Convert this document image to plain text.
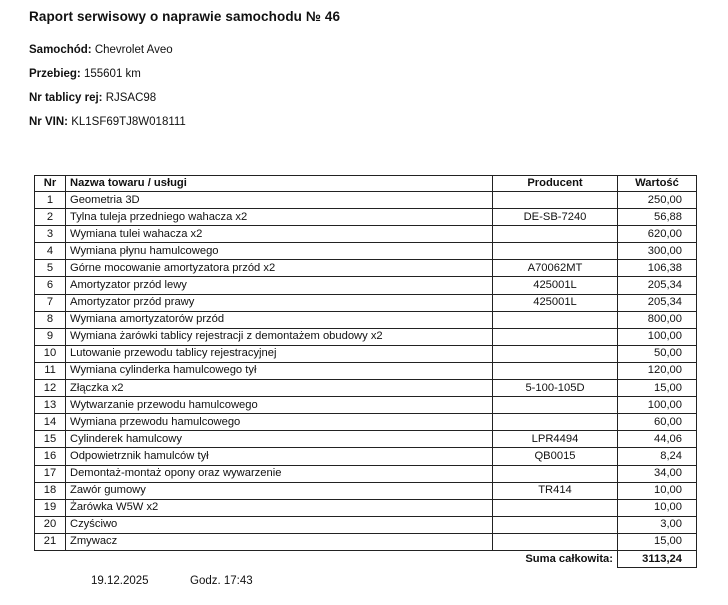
Raport serwisowy o naprawie samochodu № 46
Samochód: Chevrolet Aveo
Przebieg: 155601 km
Nr tablicy rej: RJSAC98
Nr VIN: KL1SF69TJ8W018111
Nr	Nazwa towaru / usługi	Producent	Wartość
1	Geometria 3D		250,00
2	Tylna tuleja przedniego wahacza x2	DE-SB-7240	56,88
3	Wymiana tulei wahacza x2		620,00
4	Wymiana płynu hamulcowego		300,00
5	Górne mocowanie amortyzatora przód x2	A70062MT	106,38
6	Amortyzator przód lewy	425001L	205,34
7	Amortyzator przód prawy	425001L	205,34
8	Wymiana amortyzatorów przód		800,00
9	Wymiana żarówki tablicy rejestracji z demontażem obudowy x2		100,00
10	Lutowanie przewodu tablicy rejestracyjnej		50,00
11	Wymiana cylinderka hamulcowego tył		120,00
12	Złączka x2	5-100-105D	15,00
13	Wytwarzanie przewodu hamulcowego		100,00
14	Wymiana przewodu hamulcowego		60,00
15	Cylinderek hamulcowy	LPR4494	44,06
16	Odpowietrznik hamulców tył	QB0015	8,24
17	Demontaż-montaż opony oraz wywarzenie		34,00
18	Zawór gumowy	TR414	10,00
19	Żarówka W5W x2		10,00
20	Czyściwo		3,00
21	Zmywacz		15,00
		Suma całkowita:	3113,24
19.12.2025	Godz. 17:43
